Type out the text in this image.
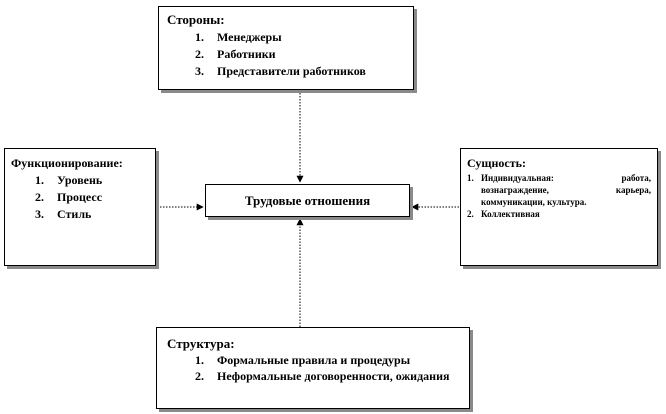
Стороны:
1.	Менеджеры
2.	Работники
3.	Представители работников
Функционирование:
1.	Уровень
2.	Процесс
3.	Стиль
Трудовые отношения
Сущность:
1. Индивидуальная: работа, вознаграждение, карьера, коммуникации, культура.
2. Коллективная
Структура:
1.	Формальные правила и процедуры
2.	Неформальные договоренности, ожидания
